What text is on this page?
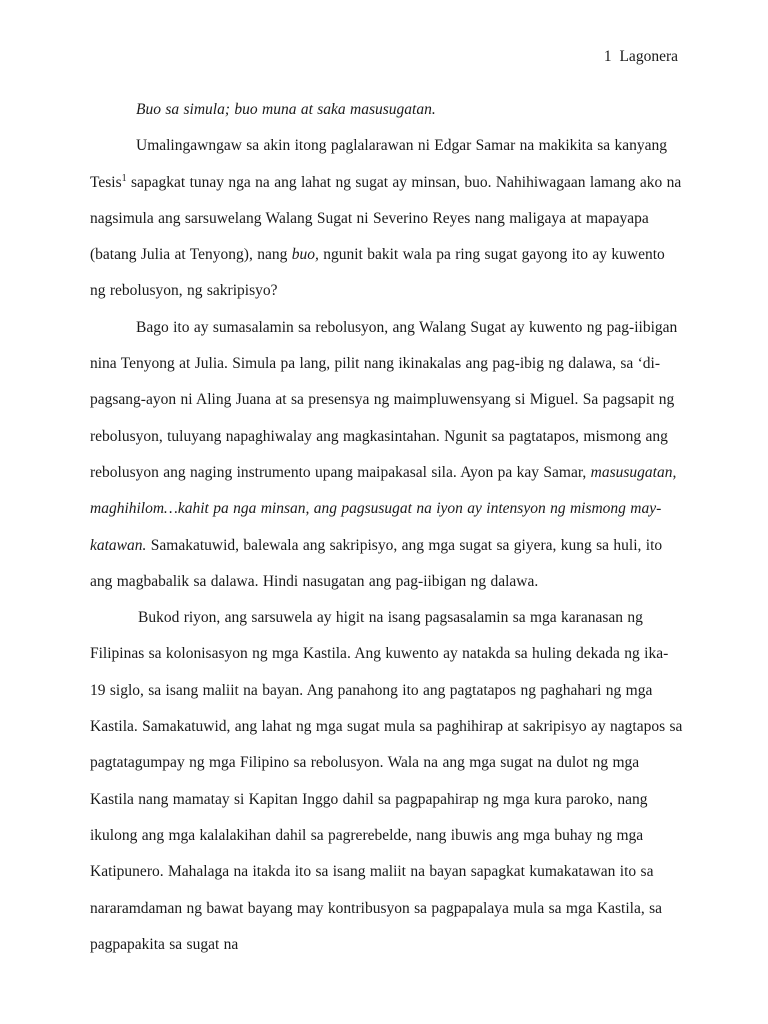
1 Lagonera

Buo sa simula; buo muna at saka masusugatan.

Umalingawngaw sa akin itong paglalarawan ni Edgar Samar na makikita sa kanyang Tesis$^1$ sapagkat tunay nga na ang lahat ng sugat ay minsan, buo. Nahihiwagaan lamang ako na nagsimula ang sarsuwelang Walang Sugat ni Severino Reyes nang maligaya at mapayapa (batang Julia at Tenyong), nang buo, ngunit bakit wala pa ring sugat gayong ito ay kuwento ng rebolusyon, ng sakripisyo?

Bago ito ay sumasalamin sa rebolusyon, ang Walang Sugat ay kuwento ng pag-iibigan nina Tenyong at Julia. Simula pa lang, pilit nang ikinakalas ang pag-ibig ng dalawa, sa ‘di-pagsang-ayon ni Aling Juana at sa presensya ng maimpluwensyang si Miguel. Sa pagsapit ng rebolusyon, tuluyang napaghiwalay ang magkasintahan. Ngunit sa pagtatapos, mismong ang rebolusyon ang naging instrumento upang maipakasal sila. Ayon pa kay Samar, masusugatan, maghihilom…kahit pa nga minsan, ang pagsusugat na iyon ay intensyon ng mismong may-katawan. Samakatuwid, balewala ang sakripisyo, ang mga sugat sa giyera, kung sa huli, ito ang magbabalik sa dalawa. Hindi nasugatan ang pag-iibigan ng dalawa.

Bukod riyon, ang sarsuwela ay higit na isang pagsasalamin sa mga karanasan ng Filipinas sa kolonisasyon ng mga Kastila. Ang kuwento ay natakda sa huling dekada ng ika-19 siglo, sa isang maliit na bayan. Ang panahong ito ang pagtatapos ng paghahari ng mga Kastila. Samakatuwid, ang lahat ng mga sugat mula sa paghihirap at sakripisyo ay nagtapos sa pagtatagumpay ng mga Filipino sa rebolusyon. Wala na ang mga sugat na dulot ng mga Kastila nang mamatay si Kapitan Inggo dahil sa pagpapahirap ng mga kura paroko, nang ikulong ang mga kalalakihan dahil sa pagrerebelde, nang ibuwis ang mga buhay ng mga Katipunero. Mahalaga na itakda ito sa isang maliit na bayan sapagkat kumakatawan ito sa nararamdaman ng bawat bayang may kontribusyon sa pagpapalaya mula sa mga Kastila, sa pagpapakita sa sugat na
